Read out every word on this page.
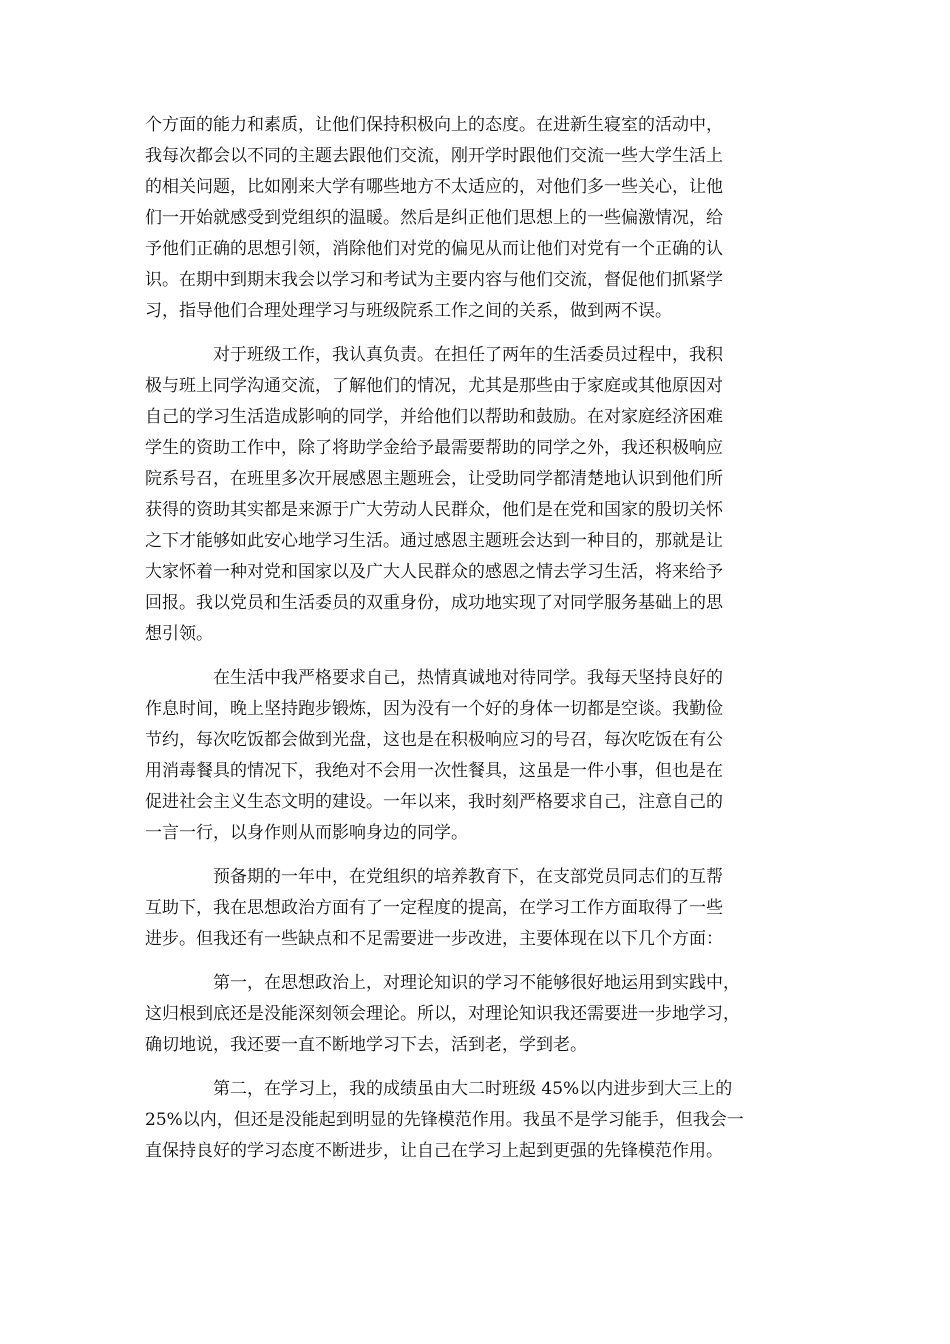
个方面的能力和素质，让他们保持积极向上的态度。在进新生寝室的活动中，
我每次都会以不同的主题去跟他们交流，刚开学时跟他们交流一些大学生活上
的相关问题，比如刚来大学有哪些地方不太适应的，对他们多一些关心，让他
们一开始就感受到党组织的温暖。然后是纠正他们思想上的一些偏激情况，给
予他们正确的思想引领，消除他们对党的偏见从而让他们对党有一个正确的认
识。在期中到期末我会以学习和考试为主要内容与他们交流，督促他们抓紧学
习，指导他们合理处理学习与班级院系工作之间的关系，做到两不误。

对于班级工作，我认真负责。在担任了两年的生活委员过程中，我积
极与班上同学沟通交流，了解他们的情况，尤其是那些由于家庭或其他原因对
自己的学习生活造成影响的同学，并给他们以帮助和鼓励。在对家庭经济困难
学生的资助工作中，除了将助学金给予最需要帮助的同学之外，我还积极响应
院系号召，在班里多次开展感恩主题班会，让受助同学都清楚地认识到他们所
获得的资助其实都是来源于广大劳动人民群众，他们是在党和国家的殷切关怀
之下才能够如此安心地学习生活。通过感恩主题班会达到一种目的，那就是让
大家怀着一种对党和国家以及广大人民群众的感恩之情去学习生活，将来给予
回报。我以党员和生活委员的双重身份，成功地实现了对同学服务基础上的思
想引领。

在生活中我严格要求自己，热情真诚地对待同学。我每天坚持良好的
作息时间，晚上坚持跑步锻炼，因为没有一个好的身体一切都是空谈。我勤俭
节约，每次吃饭都会做到光盘，这也是在积极响应习的号召，每次吃饭在有公
用消毒餐具的情况下，我绝对不会用一次性餐具，这虽是一件小事，但也是在
促进社会主义生态文明的建设。一年以来，我时刻严格要求自己，注意自己的
一言一行，以身作则从而影响身边的同学。

预备期的一年中，在党组织的培养教育下，在支部党员同志们的互帮
互助下，我在思想政治方面有了一定程度的提高，在学习工作方面取得了一些
进步。但我还有一些缺点和不足需要进一步改进，主要体现在以下几个方面：

第一，在思想政治上，对理论知识的学习不能够很好地运用到实践中，
这归根到底还是没能深刻领会理论。所以，对理论知识我还需要进一步地学习，
确切地说，我还要一直不断地学习下去，活到老，学到老。

第二，在学习上，我的成绩虽由大二时班级 45%以内进步到大三上的
25%以内，但还是没能起到明显的先锋模范作用。我虽不是学习能手，但我会一
直保持良好的学习态度不断进步，让自己在学习上起到更强的先锋模范作用。
